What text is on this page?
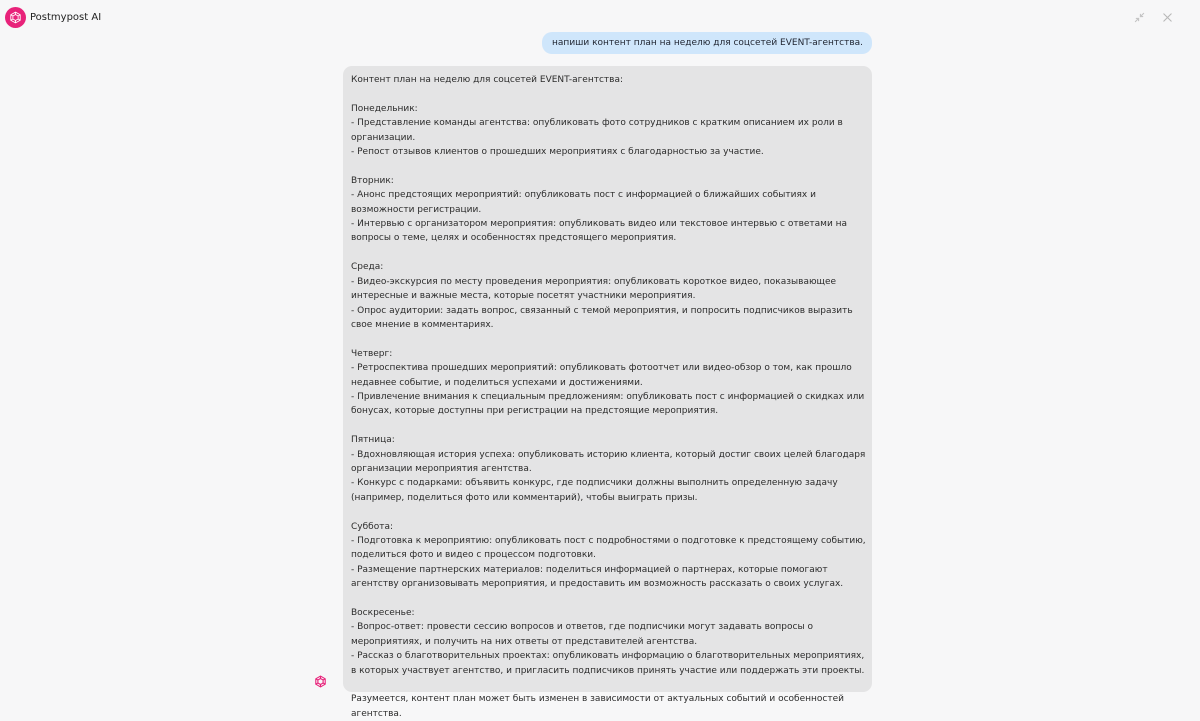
Postmypost AI
напиши контент план на неделю для соцсетей EVENT-агентства.
Контент план на неделю для соцсетей EVENT-агентства:

Понедельник:
- Представление команды агентства: опубликовать фото сотрудников с кратким описанием их роли в организации.
- Репост отзывов клиентов о прошедших мероприятиях с благодарностью за участие.

Вторник:
- Анонс предстоящих мероприятий: опубликовать пост с информацией о ближайших событиях и возможности регистрации.
- Интервью с организатором мероприятия: опубликовать видео или текстовое интервью с ответами на вопросы о теме, целях и особенностях предстоящего мероприятия.

Среда:
- Видео-экскурсия по месту проведения мероприятия: опубликовать короткое видео, показывающее интересные и важные места, которые посетят участники мероприятия.
- Опрос аудитории: задать вопрос, связанный с темой мероприятия, и попросить подписчиков выразить свое мнение в комментариях.

Четверг:
- Ретроспектива прошедших мероприятий: опубликовать фотоотчет или видео-обзор о том, как прошло недавнее событие, и поделиться успехами и достижениями.
- Привлечение внимания к специальным предложениям: опубликовать пост с информацией о скидках или бонусах, которые доступны при регистрации на предстоящие мероприятия.

Пятница:
- Вдохновляющая история успеха: опубликовать историю клиента, который достиг своих целей благодаря организации мероприятия агентства.
- Конкурс с подарками: объявить конкурс, где подписчики должны выполнить определенную задачу (например, поделиться фото или комментарий), чтобы выиграть призы.

Суббота:
- Подготовка к мероприятию: опубликовать пост с подробностями о подготовке к предстоящему событию, поделиться фото и видео с процессом подготовки.
- Размещение партнерских материалов: поделиться информацией о партнерах, которые помогают агентству организовывать мероприятия, и предоставить им возможность рассказать о своих услугах.

Воскресенье:
- Вопрос-ответ: провести сессию вопросов и ответов, где подписчики могут задавать вопросы о мероприятиях, и получить на них ответы от представителей агентства.
- Рассказ о благотворительных проектах: опубликовать информацию о благотворительных мероприятиях, в которых участвует агентство, и пригласить подписчиков принять участие или поддержать эти проекты.

Разумеется, контент план может быть изменен в зависимости от актуальных событий и особенностей агентства.
